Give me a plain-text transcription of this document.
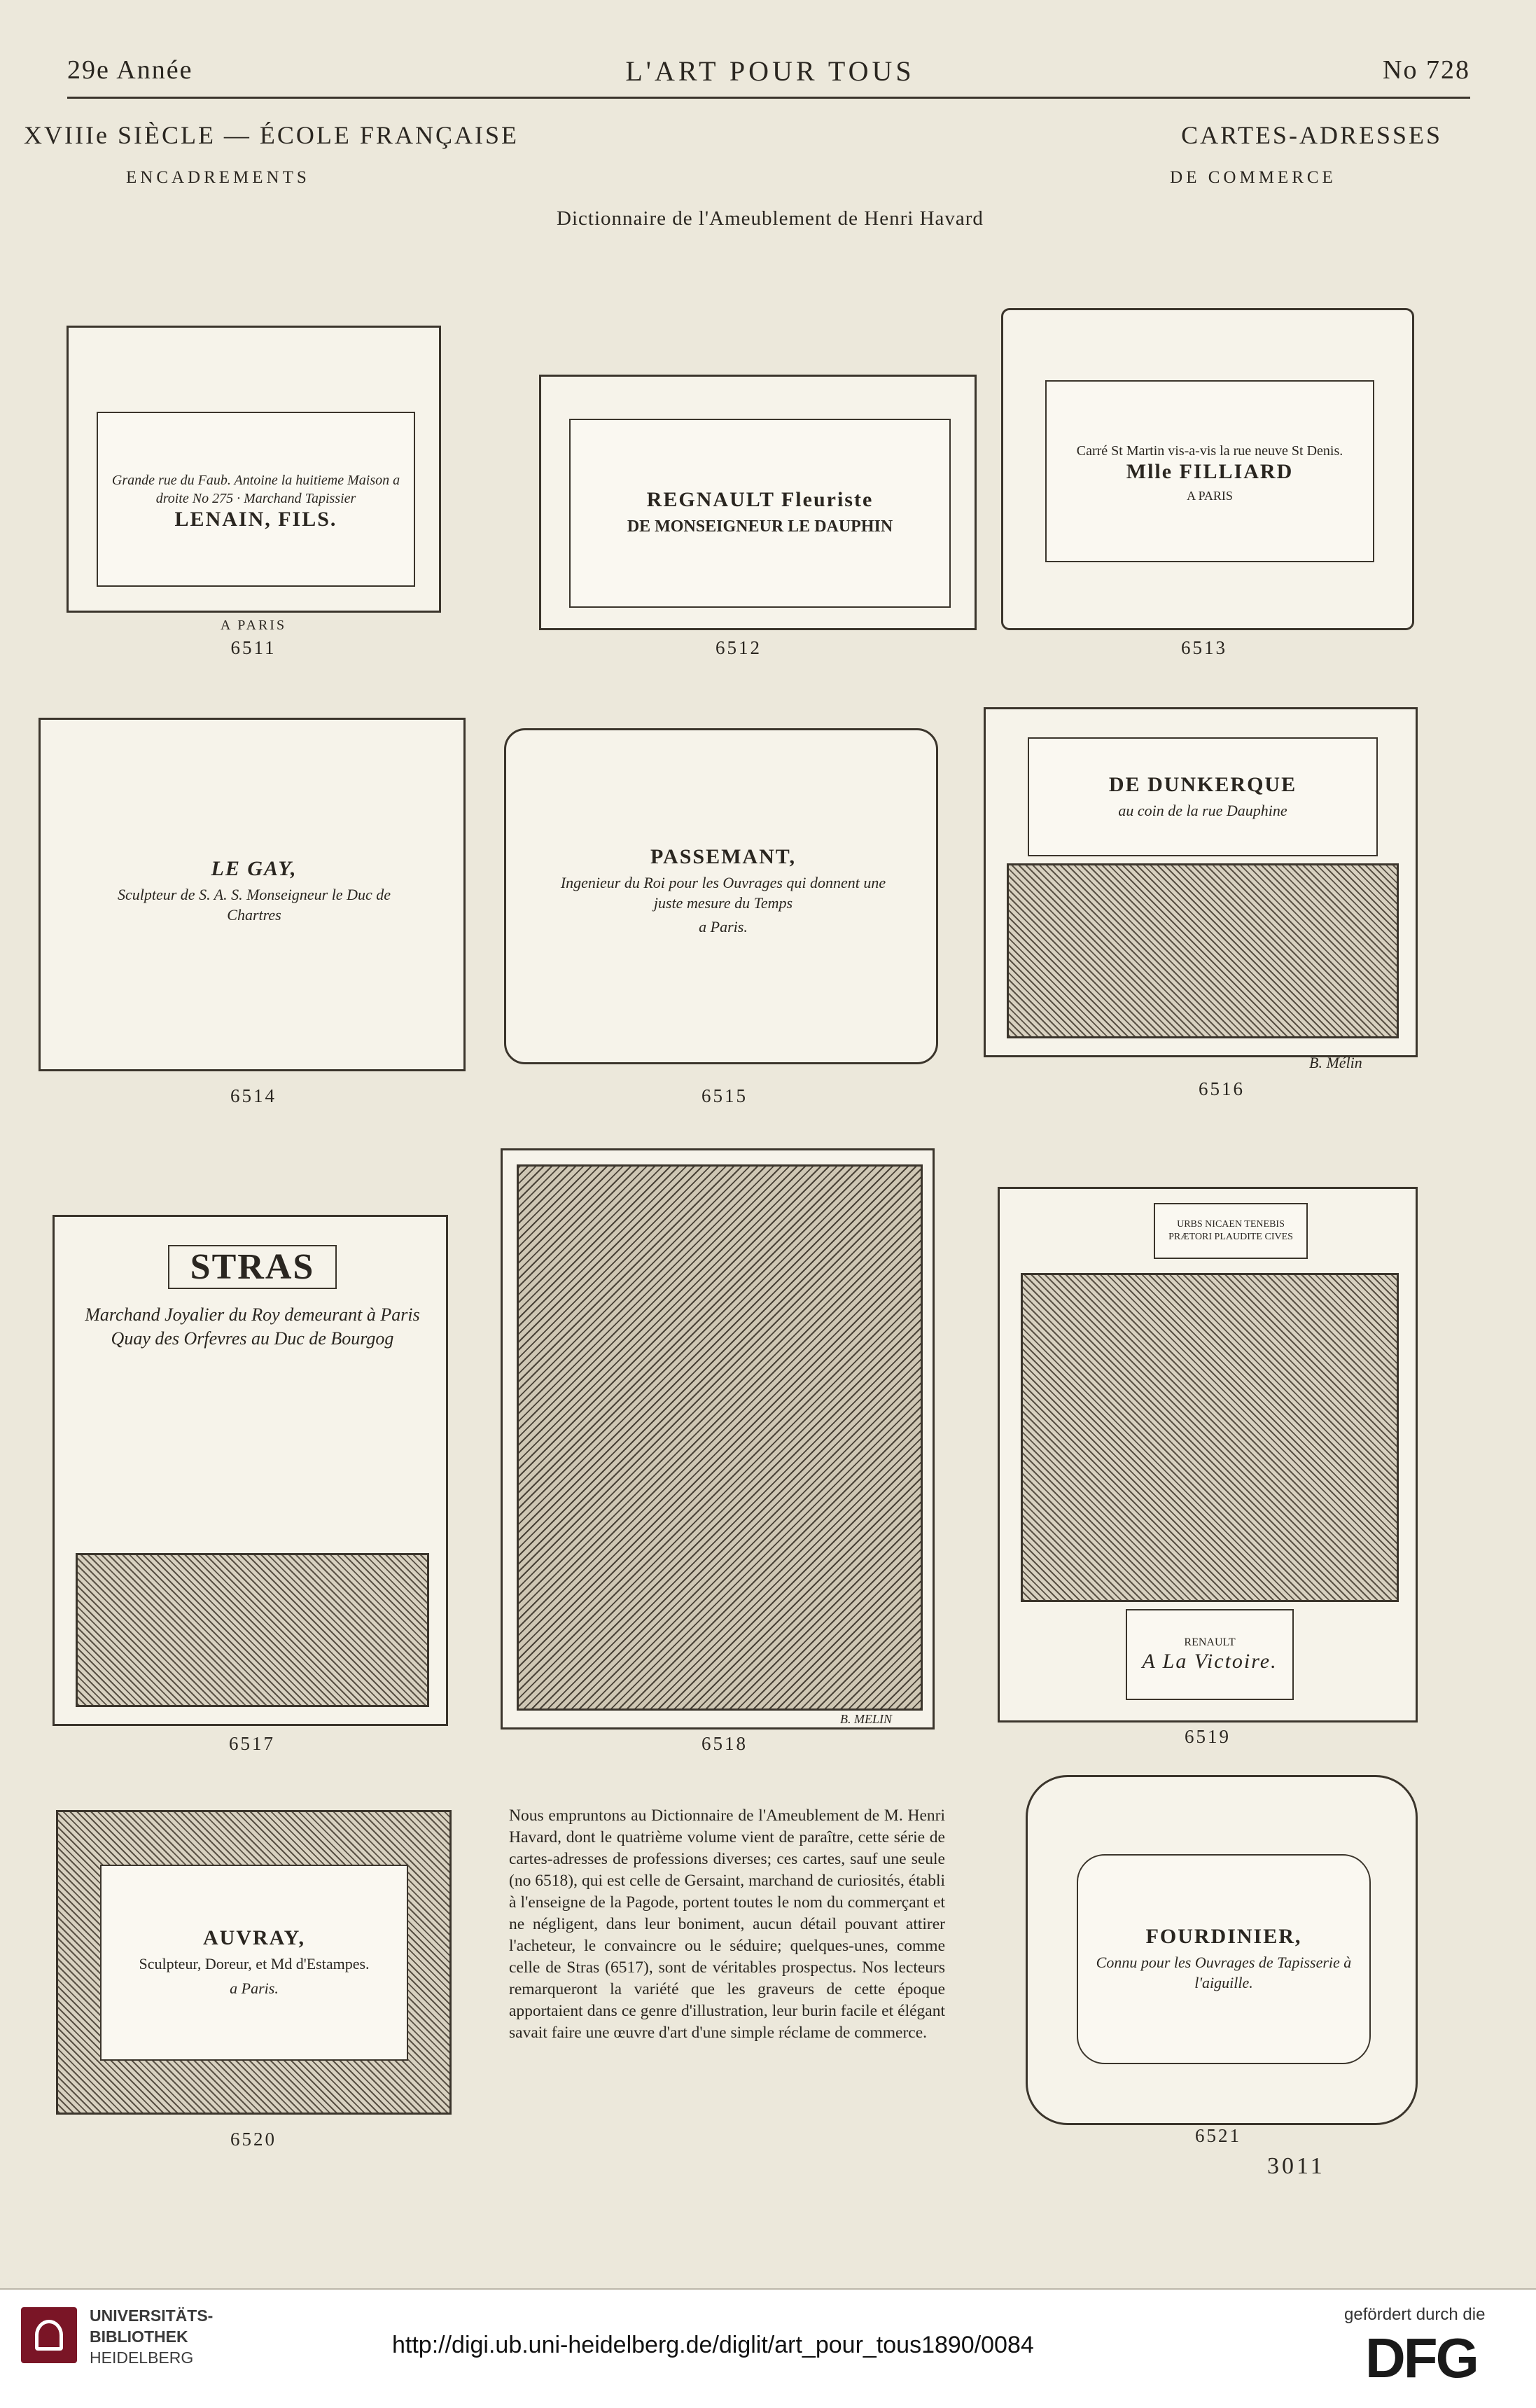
29e Année	L'ART POUR TOUS	No 728
XVIIIe SIÈCLE — ÉCOLE FRANÇAISE
ENCADREMENTS
CARTES-ADRESSES
DE COMMERCE
Dictionnaire de l'Ameublement de Henri Havard
Grande rue du Faub. Antoine la huitieme Maison a droite No 275 · Marchand Tapissier
LENAIN, FILS.
A PARIS
6511
REGNAULT Fleuriste
DE MONSEIGNEUR LE DAUPHIN
6512
Carré St Martin vis-a-vis la rue neuve St Denis.
Mlle FILLIARD
A PARIS
6513
LE GAY,
Sculpteur de S. A. S. Monseigneur le Duc de Chartres
6514
PASSEMANT,
Ingenieur du Roi pour les Ouvrages qui donnent une juste mesure du Temps
a Paris.
6515
DE DUNKERQUE
au coin de la rue Dauphine
B. Mélin
6516
STRAS
Marchand Joyalier du Roy demeurant à Paris Quay des Orfevres au Duc de Bourgog
6517
B. MELIN
6518
URBS NICAEN TENEBIS PRÆTORI PLAUDITE CIVES
RENAULT
A La Victoire.
6519
AUVRAY,
Sculpteur, Doreur, et Md d'Estampes.
a Paris.
6520
Nous empruntons au Dictionnaire de l'Ameublement de M. Henri Havard, dont le quatrième volume vient de paraître, cette série de cartes-adresses de professions diverses; ces cartes, sauf une seule (no 6518), qui est celle de Gersaint, marchand de curiosités, établi à l'enseigne de la Pagode, portent toutes le nom du commerçant et ne négligent, dans leur boniment, aucun détail pouvant attirer l'acheteur, le convaincre ou le séduire; quelques-unes, comme celle de Stras (6517), sont de véritables prospectus. Nos lecteurs remarqueront la variété que les graveurs de cette époque apportaient dans ce genre d'illustration, leur burin facile et élégant savait faire une œuvre d'art d'une simple réclame de commerce.
FOURDINIER,
Connu pour les Ouvrages de Tapisserie à l'aiguille.
6521
3011
UNIVERSITÄTS-
BIBLIOTHEK
HEIDELBERG	http://digi.ub.uni-heidelberg.de/diglit/art_pour_tous1890/0084
gefördert durch die
DFG
